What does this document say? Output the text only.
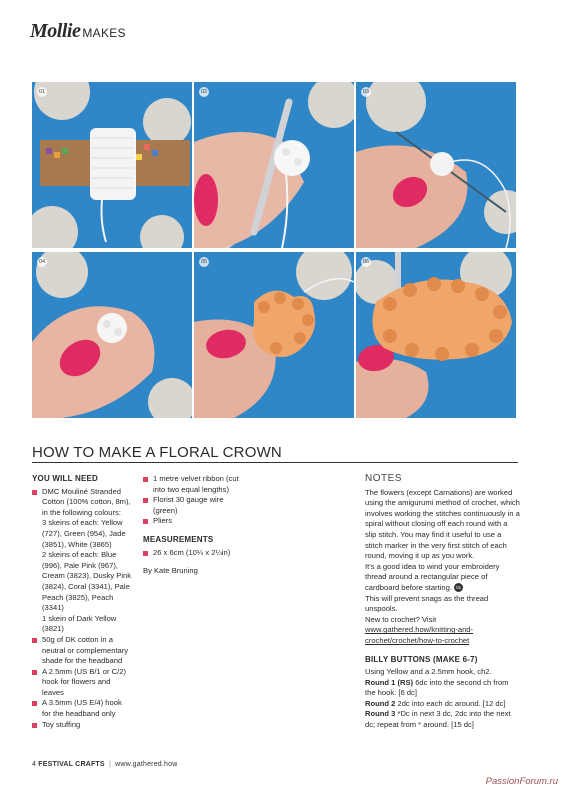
Mollie MAKES
01	02	03
04	05	06
HOW TO MAKE A FLORAL CROWN
YOU WILL NEED
DMC Mouliné Stranded Cotton (100% cotton, 8m), in the following colours:
3 skeins of each: Yellow (727), Green (954), Jade (3851), White (3865)
2 skeins of each: Blue (996), Pale Pink (967), Cream (3823), Dusky Pink (3824), Coral (3341), Pale Peach (3825), Peach (3341)
1 skein of Dark Yellow (3821)
50g of DK cotton in a neutral or complementary shade for the headband
A 2.5mm (US B/1 or C/2) hook for flowers and leaves
A 3.5mm (US E/4) hook for the headband only
Toy stuffing
1 metre velvet ribbon (cut into two equal lengths)
Florist 30 gauge wire (green)
Pliers
MEASUREMENTS
26 x 6cm (10¼ x 2¼in)
By Kate Bruning
NOTES
The flowers (except Carnations) are worked using the amigurumi method of crochet, which involves working the stitches continuously in a spiral without closing off each round with a slip stitch. You may find it useful to use a stitch marker in the very first stitch of each round, moving it up as you work.
It's a good idea to wind your embroidery thread around a rectangular piece of cardboard before starting. 01
This will prevent snags as the thread unspools.
New to crochet? Visit www.gathered.how/knitting-and-crochet/crochet/how-to-crochet
BILLY BUTTONS (MAKE 6-7)
Using Yellow and a 2.5mm hook, ch2.
Round 1 (RS) 6dc into the second ch from the hook. [6 dc]
Round 2 2dc into each dc around. [12 dc]
Round 3 *Dc in next 3 dc, 2dc into the next dc; repeat from * around. [15 dc]
4 FESTIVAL CRAFTS | www.gathered.how
PassionForum.ru
